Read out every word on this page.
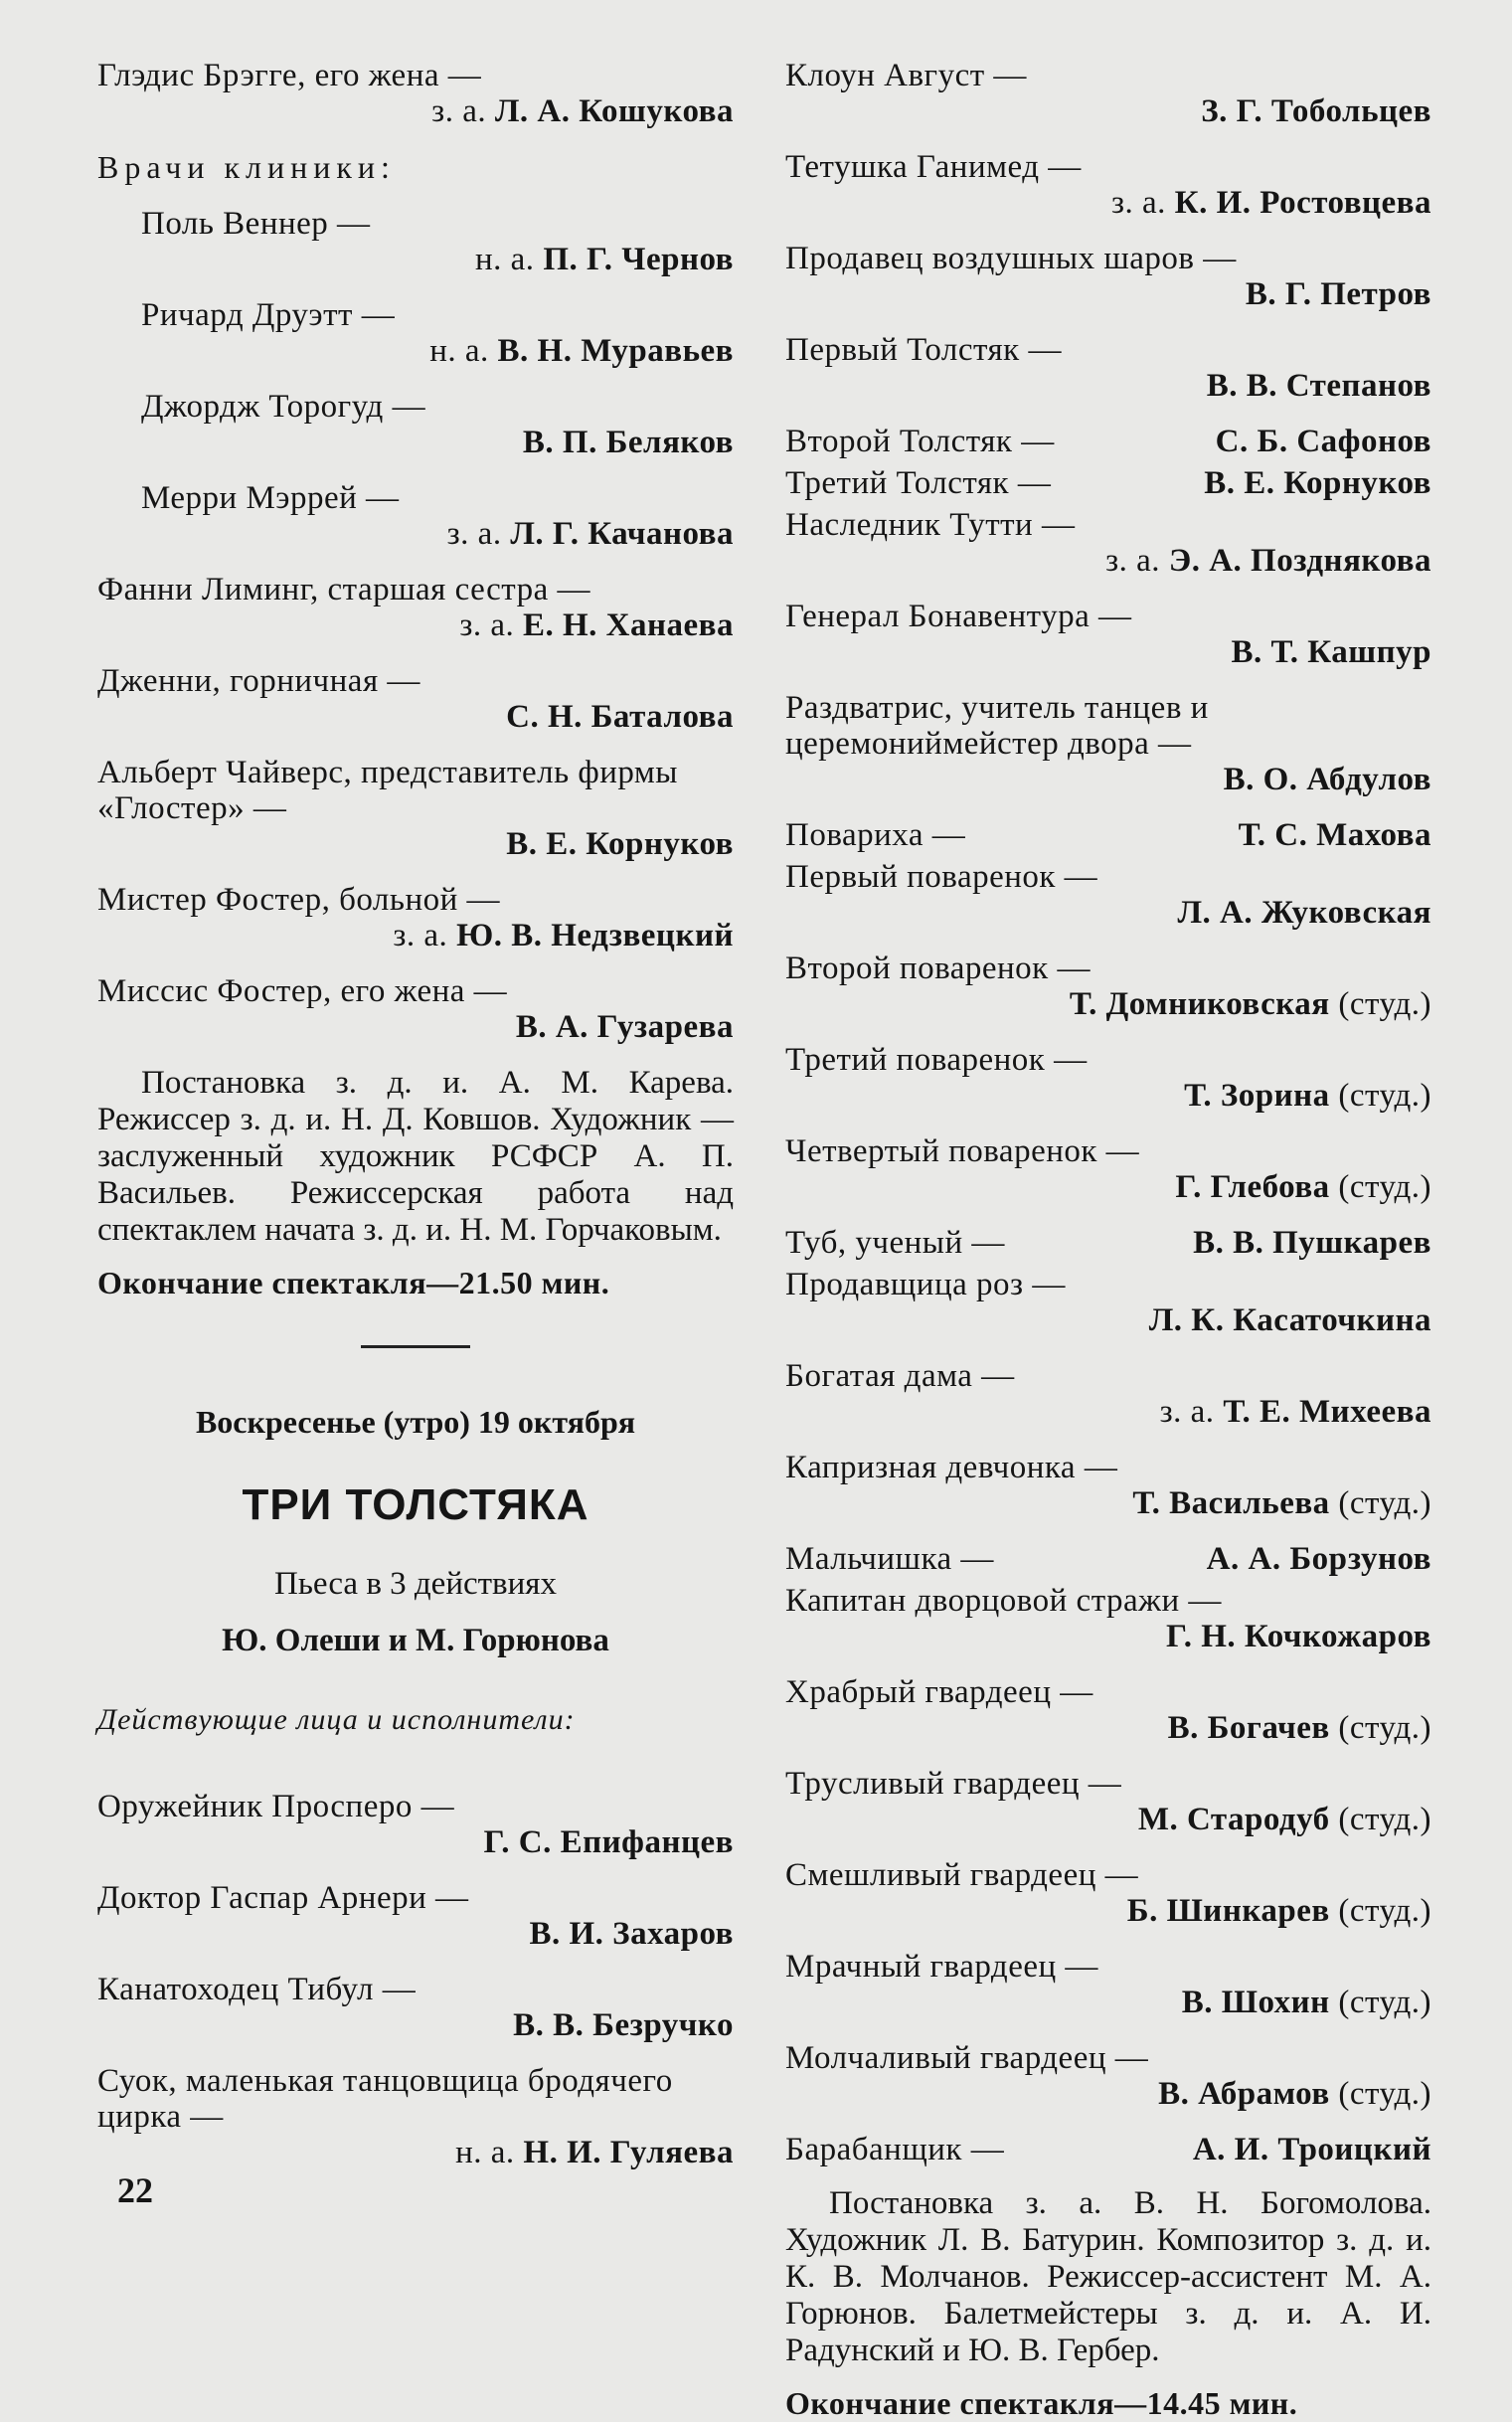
Глэдис Брэгге, его жена —
з. а. Л. А. Кошукова
Врачи клиники:
Поль Веннер —
н. а. П. Г. Чернов
Ричард Друэтт —
н. а. В. Н. Муравьев
Джордж Торогуд —
В. П. Беляков
Мерри Мэррей —
з. а. Л. Г. Качанова
Фанни Лиминг, старшая сестра —
з. а. Е. Н. Ханаева
Дженни, горничная —
С. Н. Баталова
Альберт Чайверс, представитель фирмы «Глостер» —
В. Е. Корнуков
Мистер Фостер, больной —
з. а. Ю. В. Недзвецкий
Миссис Фостер, его жена —
В. А. Гузарева

Постановка з. д. и. А. М. Карева. Режиссер з. д. и. Н. Д. Ковшов. Художник — заслуженный художник РСФСР А. П. Васильев. Режиссерская работа над спектаклем начата з. д. и. Н. М. Горчаковым.

Окончание спектакля—21.50 мин.
Воскресенье (утро) 19 октября
ТРИ ТОЛСТЯКА
Пьеса в 3 действиях
Ю. Олеши и М. Горюнова
Действующие лица и исполнители:
Оружейник Просперо —
Г. С. Епифанцев
Доктор Гаспар Арнери —
В. И. Захаров
Канатоходец Тибул —
В. В. Безручко
Суок, маленькая танцовщица бродячего цирка —
н. а. Н. И. Гуляева
Клоун Август —
З. Г. Тобольцев
Тетушка Ганимед —
з. а. К. И. Ростовцева
Продавец воздушных шаров —
В. Г. Петров
Первый Толстяк —
В. В. Степанов
Второй Толстяк —	С. Б. Сафонов
Третий Толстяк —	В. Е. Корнуков
Наследник Тутти —
з. а. Э. А. Позднякова
Генерал Бонавентура —
В. Т. Кашпур
Раздватрис, учитель танцев и церемониймейстер двора —
В. О. Абдулов
Повариха —	Т. С. Махова
Первый поваренок —
Л. А. Жуковская
Второй поваренок —
Т. Домниковская (студ.)
Третий поваренок —
Т. Зорина (студ.)
Четвертый поваренок —
Г. Глебова (студ.)
Туб, ученый —	В. В. Пушкарев
Продавщица роз —
Л. К. Касаточкина
Богатая дама —
з. а. Т. Е. Михеева
Капризная девчонка —
Т. Васильева (студ.)
Мальчишка —	А. А. Борзунов
Капитан дворцовой стражи —
Г. Н. Кочкожаров
Храбрый гвардеец —
В. Богачев (студ.)
Трусливый гвардеец —
М. Стародуб (студ.)
Смешливый гвардеец —
Б. Шинкарев (студ.)
Мрачный гвардеец —
В. Шохин (студ.)
Молчаливый гвардеец —
В. Абрамов (студ.)
Барабанщик —	А. И. Троицкий

Постановка з. а. В. Н. Богомолова. Художник Л. В. Батурин. Композитор з. д. и. К. В. Молчанов. Режиссер-ассистент М. А. Горюнов. Балетмейстеры з. д. и. А. И. Радунский и Ю. В. Гербер.

Окончание спектакля—14.45 мин.
22
